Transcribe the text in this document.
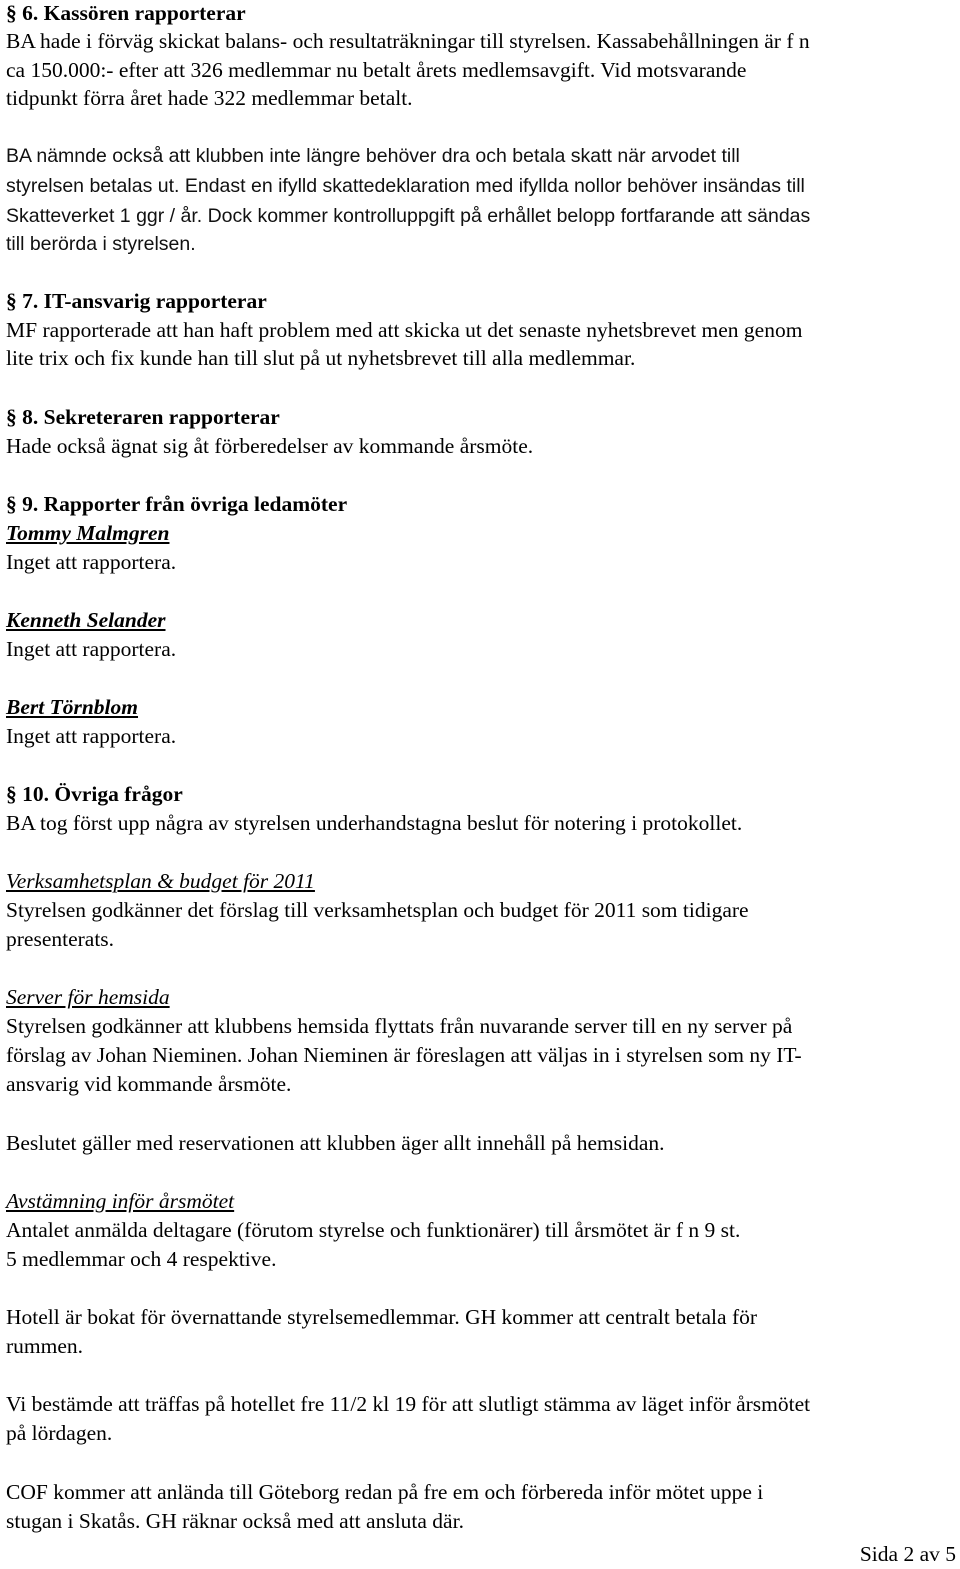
§ 6. Kassören rapporterar
BA hade i förväg skickat balans- och resultaträkningar till styrelsen. Kassabehållningen är f n
ca 150.000:- efter att 326 medlemmar nu betalt årets medlemsavgift. Vid motsvarande
tidpunkt förra året hade 322 medlemmar betalt.
BA nämnde också att klubben inte längre behöver dra och betala skatt när arvodet till
styrelsen betalas ut. Endast en ifylld skattedeklaration med ifyllda nollor behöver insändas till
Skatteverket 1 ggr / år. Dock kommer kontrolluppgift på erhållet belopp fortfarande att sändas
till berörda i styrelsen.
§ 7. IT-ansvarig rapporterar
MF rapporterade att han haft problem med att skicka ut det senaste nyhetsbrevet men genom
lite trix och fix kunde han till slut på ut nyhetsbrevet till alla medlemmar.
§ 8. Sekreteraren rapporterar
Hade också ägnat sig åt förberedelser av kommande årsmöte.
§ 9. Rapporter från övriga ledamöter
Tommy Malmgren
Inget att rapportera.
Kenneth Selander
Inget att rapportera.
Bert Törnblom
Inget att rapportera.
§ 10. Övriga frågor
BA tog först upp några av styrelsen underhandstagna beslut för notering i protokollet.
Verksamhetsplan & budget för 2011
Styrelsen godkänner det förslag till verksamhetsplan och budget för 2011 som tidigare
presenterats.
Server för hemsida
Styrelsen godkänner att klubbens hemsida flyttats från nuvarande server till en ny server på
förslag av Johan Nieminen. Johan Nieminen är föreslagen att väljas in i styrelsen som ny IT-
ansvarig vid kommande årsmöte.
Beslutet gäller med reservationen att klubben äger allt innehåll på hemsidan.
Avstämning inför årsmötet
Antalet anmälda deltagare (förutom styrelse och funktionärer) till årsmötet är f n 9 st.
5 medlemmar och 4 respektive.
Hotell är bokat för övernattande styrelsemedlemmar. GH kommer att centralt betala för
rummen.
Vi bestämde att träffas på hotellet fre 11/2 kl 19 för att slutligt stämma av läget inför årsmötet
på lördagen.
COF kommer att anlända till Göteborg redan på fre em och förbereda inför mötet uppe i
stugan i Skatås. GH räknar också med att ansluta där.
Sida 2 av 5
